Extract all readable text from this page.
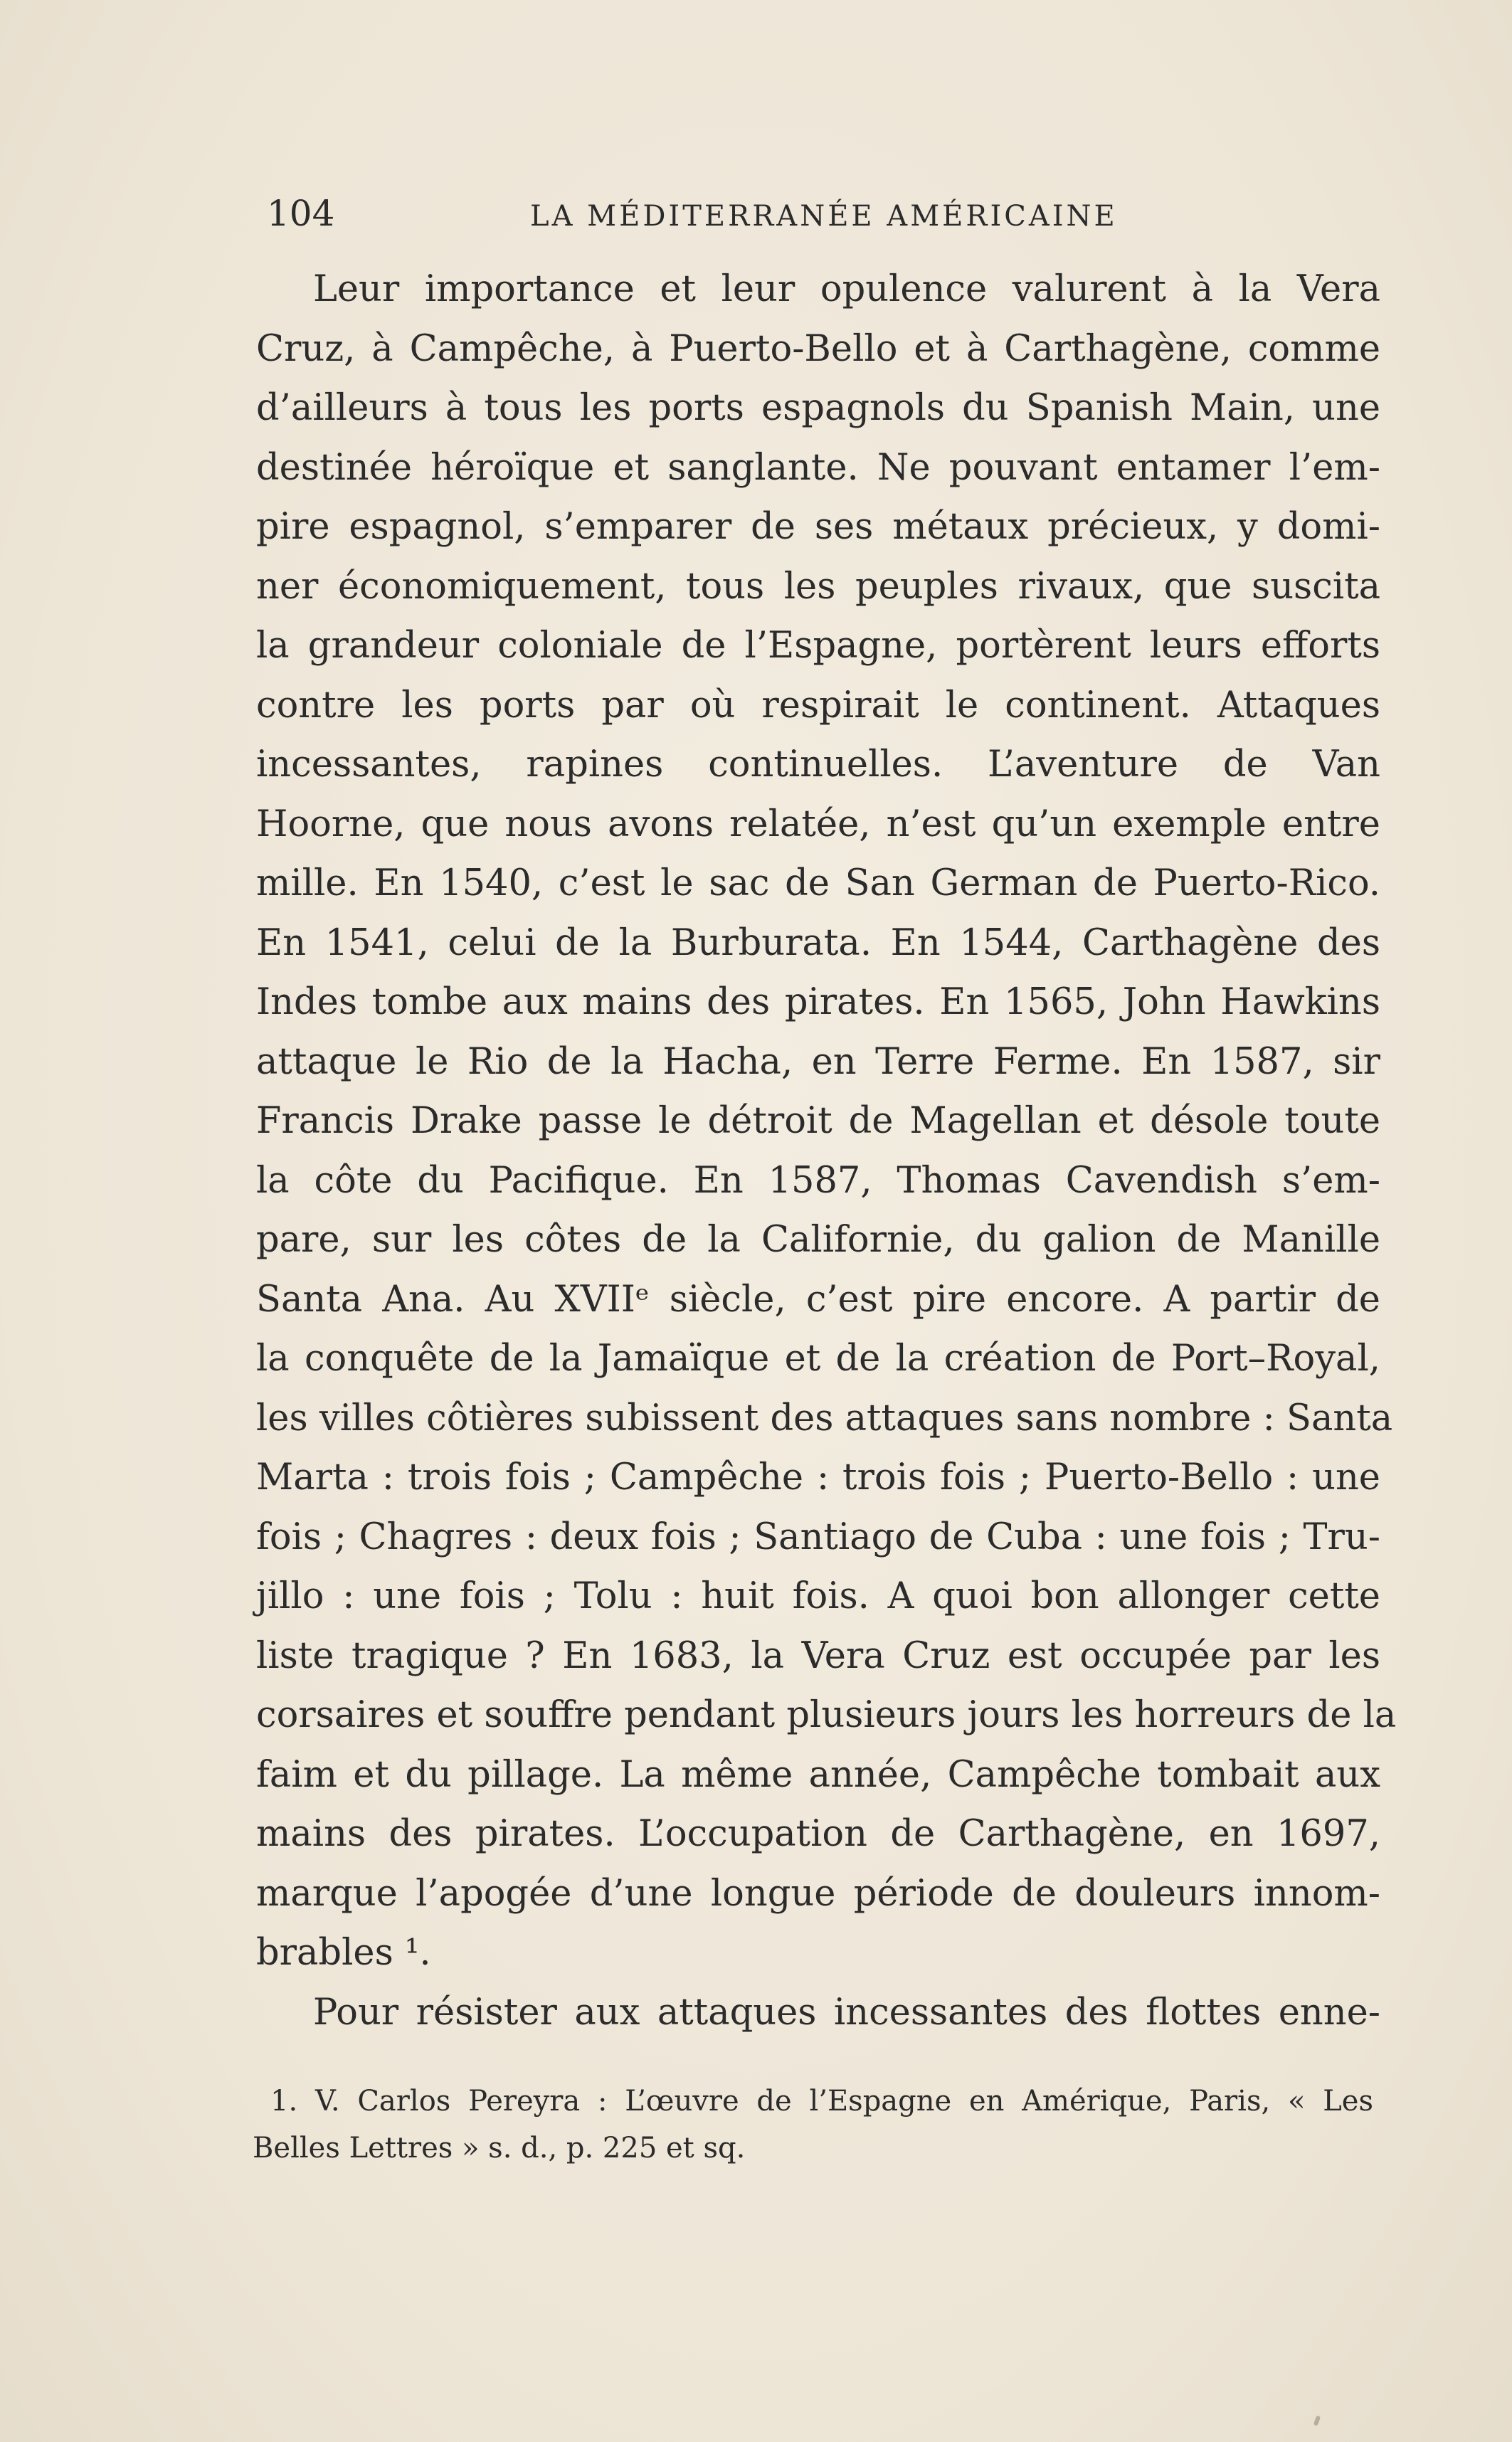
104	LA MÉDITERRANÉE AMÉRICAINE
Leur importance et leur opulence valurent à la Vera
Cruz, à Campêche, à Puerto-Bello et à Carthagène, comme
d’ailleurs à tous les ports espagnols du Spanish Main, une
destinée héroïque et sanglante. Ne pouvant entamer l’em-
pire espagnol, s’emparer de ses métaux précieux, y domi-
ner économiquement, tous les peuples rivaux, que suscita
la grandeur coloniale de l’Espagne, portèrent leurs efforts
contre les ports par où respirait le continent. Attaques
incessantes, rapines continuelles. L’aventure de Van
Hoorne, que nous avons relatée, n’est qu’un exemple entre
mille. En 1540, c’est le sac de San German de Puerto-Rico.
En 1541, celui de la Burburata. En 1544, Carthagène des
Indes tombe aux mains des pirates. En 1565, John Hawkins
attaque le Rio de la Hacha, en Terre Ferme. En 1587, sir
Francis Drake passe le détroit de Magellan et désole toute
la côte du Pacifique. En 1587, Thomas Cavendish s’em-
pare, sur les côtes de la Californie, du galion de Manille
Santa Ana. Au XVIIᵉ siècle, c’est pire encore. A partir de
la conquête de la Jamaïque et de la création de Port–Royal,
les villes côtières subissent des attaques sans nombre : Santa
Marta : trois fois ; Campêche : trois fois ; Puerto-Bello : une
fois ; Chagres : deux fois ; Santiago de Cuba : une fois ; Tru-
jillo : une fois ; Tolu : huit fois. A quoi bon allonger cette
liste tragique ? En 1683, la Vera Cruz est occupée par les
corsaires et souffre pendant plusieurs jours les horreurs de la
faim et du pillage. La même année, Campêche tombait aux
mains des pirates. L’occupation de Carthagène, en 1697,
marque l’apogée d’une longue période de douleurs innom-
brables ¹.
Pour résister aux attaques incessantes des flottes enne-
1. V. Carlos Pereyra : L’œuvre de l’Espagne en Amérique, Paris, « Les
Belles Lettres » s. d., p. 225 et sq.
